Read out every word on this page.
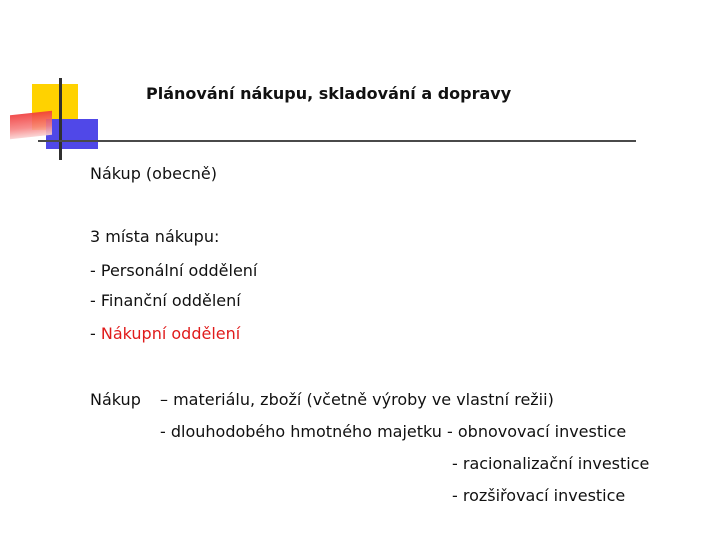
Plánování nákupu, skladování a dopravy
Nákup (obecně)
3 místa nákupu:
- Personální oddělení
- Finanční oddělení
- Nákupní oddělení
Nákup – materiálu, zboží (včetně výroby ve vlastní režii)
- dlouhodobého hmotného majetku - obnovovací investice
- racionalizační investice
- rozšiřovací investice
